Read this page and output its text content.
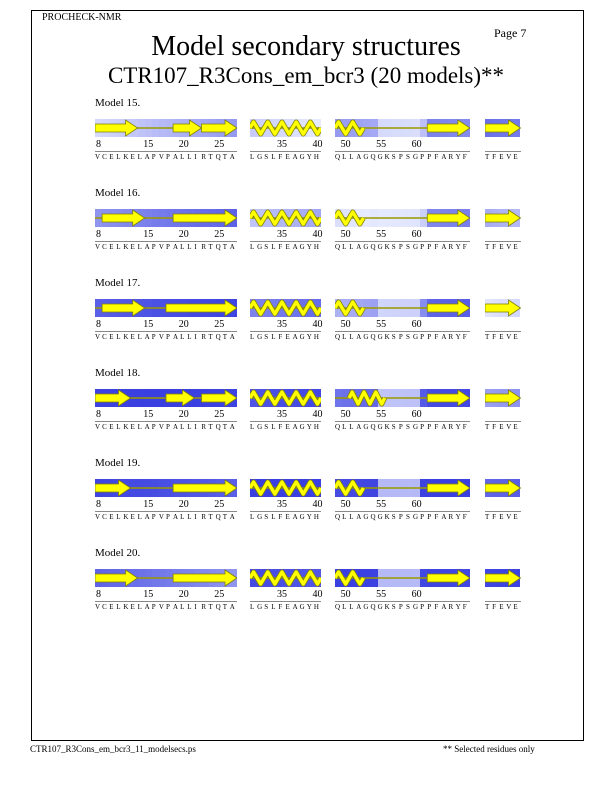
PROCHECK-NMR
Page 7
Model secondary structures
CTR107_R3Cons_em_bcr3 (20 models)**
Model 15.
8	15	20	25
V C E L K E L A P V P A L L I R T Q T A
35	40
L G S L F E A G Y H
50	55	60
Q L L A G Q G K S P S G P P F A R Y F	T F E V E
Model 16.
8	15	20	25
V C E L K E L A P V P A L L I R T Q T A
35	40
L G S L F E A G Y H
50	55	60
Q L L A G Q G K S P S G P P F A R Y F	T F E V E
Model 17.
8	15	20	25
V C E L K E L A P V P A L L I R T Q T A
35	40
L G S L F E A G Y H
50	55	60
Q L L A G Q G K S P S G P P F A R Y F	T F E V E
Model 18.
8	15	20	25
V C E L K E L A P V P A L L I R T Q T A
35	40
L G S L F E A G Y H
50	55	60
Q L L A G Q G K S P S G P P F A R Y F	T F E V E
Model 19.
8	15	20	25
V C E L K E L A P V P A L L I R T Q T A
35	40
L G S L F E A G Y H
50	55	60
Q L L A G Q G K S P S G P P F A R Y F	T F E V E
Model 20.
8	15	20	25
V C E L K E L A P V P A L L I R T Q T A
35	40
L G S L F E A G Y H
50	55	60
Q L L A G Q G K S P S G P P F A R Y F	T F E V E
CTR107_R3Cons_em_bcr3_11_modelsecs.ps	** Selected residues only
